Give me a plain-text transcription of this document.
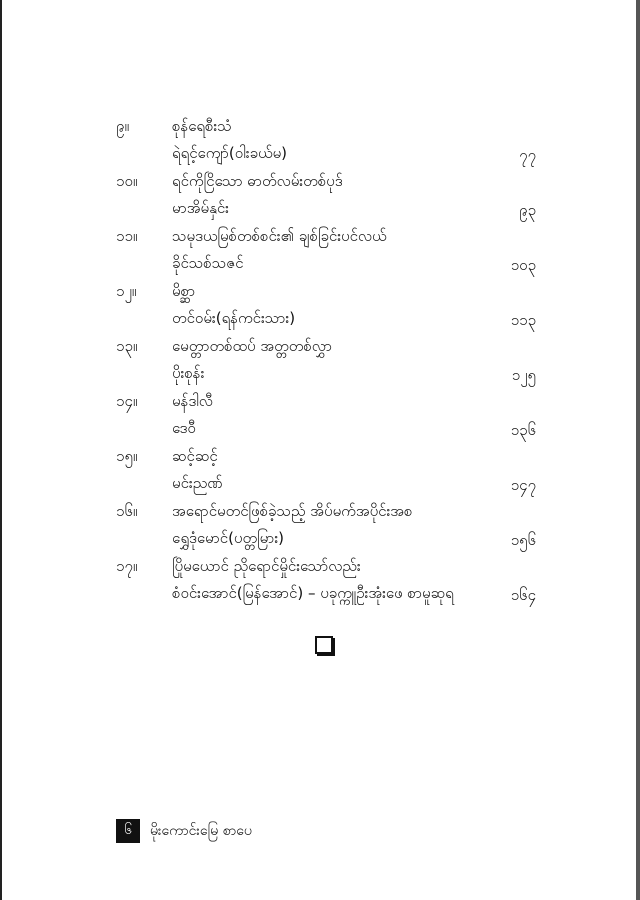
၉။	စုန်ရေစီးသံ
ရဲရင့်ကျော်(ဝါးခယ်မ)	၇၇
၁၀။ ရင်ကိုငြိသော ဓာတ်လမ်းတစ်ပုဒ်
မာအိမ်နှင်း	၉၃
၁၁။ သမုဒယမြစ်တစ်စင်း၏ ချစ်ခြင်းပင်လယ်
ခိုင်သစ်သဇင်	၁၀၃
၁၂။ မိစ္ဆာ
တင်ဝမ်း(ရန်ကင်းသား)	၁၁၃
၁၃။ မေတ္တာတစ်ထပ် အတ္တတစ်လွှာ
ပိုးစုန်း	၁၂၅
၁၄။ မန်ဒါလီ
ဒေဝီ	၁၃၆
၁၅။ ဆင့်ဆင့်
မင်းညဏ်	၁၄၇
၁၆။ အရောင်မတင်ဖြစ်ခဲ့သည့် အိပ်မက်အပိုင်းအစ
ရွှေဒုံမောင်(ပတ္တမြား)	၁၅၆
၁၇။ ပြိုမယောင် ညိုရောင်မှိုင်းသော်လည်း
စံဝင်းအောင်(မြန်အောင်) – ပခုက္ကူဦးအုံးဖေ စာမူဆုရ	၁၆၄
၆	မိုးကောင်းမြေ စာပေ
